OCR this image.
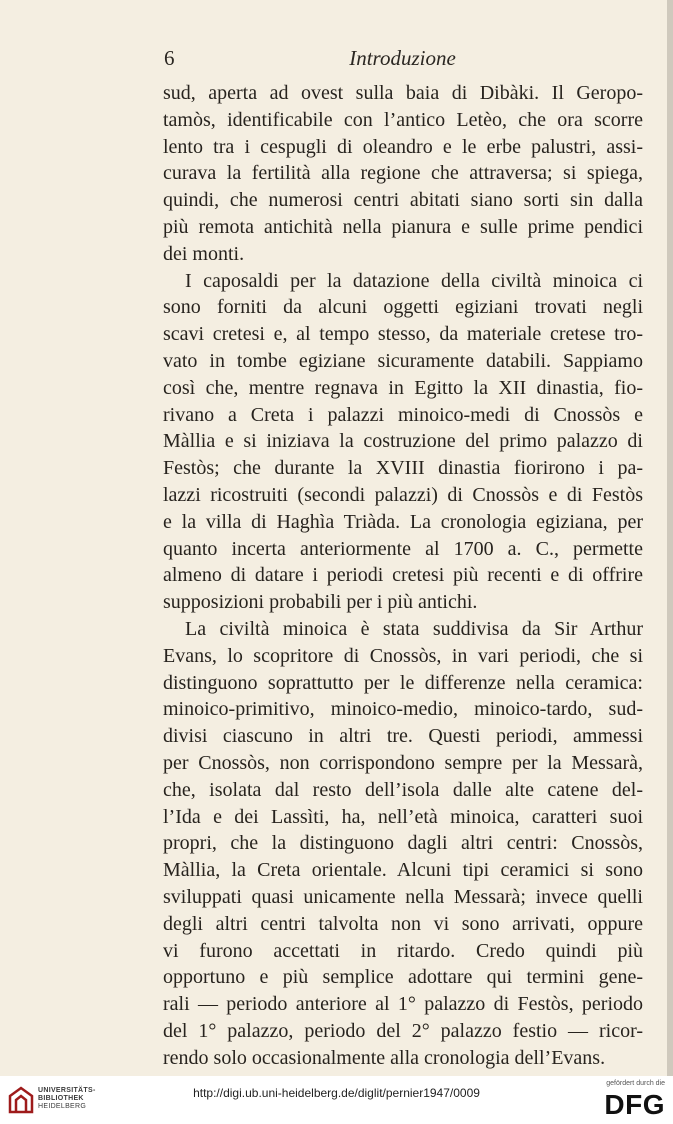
6	Introduzione
sud, aperta ad ovest sulla baia di Dibàki. Il Geropo-
tamòs, identificabile con l’antico Letèo, che ora scorre
lento tra i cespugli di oleandro e le erbe palustri, assi-
curava la fertilità alla regione che attraversa; si spiega,
quindi, che numerosi centri abitati siano sorti sin dalla
più remota antichità nella pianura e sulle prime pendici
dei monti.
I caposaldi per la datazione della civiltà minoica ci
sono forniti da alcuni oggetti egiziani trovati negli
scavi cretesi e, al tempo stesso, da materiale cretese tro-
vato in tombe egiziane sicuramente databili. Sappiamo
così che, mentre regnava in Egitto la XII dinastia, fio-
rivano a Creta i palazzi minoico-medi di Cnossòs e
Màllia e si iniziava la costruzione del primo palazzo di
Festòs; che durante la XVIII dinastia fiorirono i pa-
lazzi ricostruiti (secondi palazzi) di Cnossòs e di Festòs
e la villa di Haghìa Triàda. La cronologia egiziana, per
quanto incerta anteriormente al 1700 a. C., permette
almeno di datare i periodi cretesi più recenti e di offrire
supposizioni probabili per i più antichi.
La civiltà minoica è stata suddivisa da Sir Arthur
Evans, lo scopritore di Cnossòs, in vari periodi, che si
distinguono soprattutto per le differenze nella ceramica:
minoico-primitivo, minoico-medio, minoico-tardo, sud-
divisi ciascuno in altri tre. Questi periodi, ammessi
per Cnossòs, non corrispondono sempre per la Messarà,
che, isolata dal resto dell’isola dalle alte catene del-
l’Ida e dei Lassìti, ha, nell’età minoica, caratteri suoi
propri, che la distinguono dagli altri centri: Cnossòs,
Màllia, la Creta orientale. Alcuni tipi ceramici si sono
sviluppati quasi unicamente nella Messarà; invece quelli
degli altri centri talvolta non vi sono arrivati, oppure
vi furono accettati in ritardo. Credo quindi più
opportuno e più semplice adottare qui termini gene-
rali — periodo anteriore al 1° palazzo di Festòs, periodo
del 1° palazzo, periodo del 2° palazzo festio — ricor-
rendo solo occasionalmente alla cronologia dell’Evans.
UNIVERSITÄTS-
BIBLIOTHEK
HEIDELBERG
http://digi.ub.uni-heidelberg.de/diglit/pernier1947/0009
gefördert durch die
DFG
